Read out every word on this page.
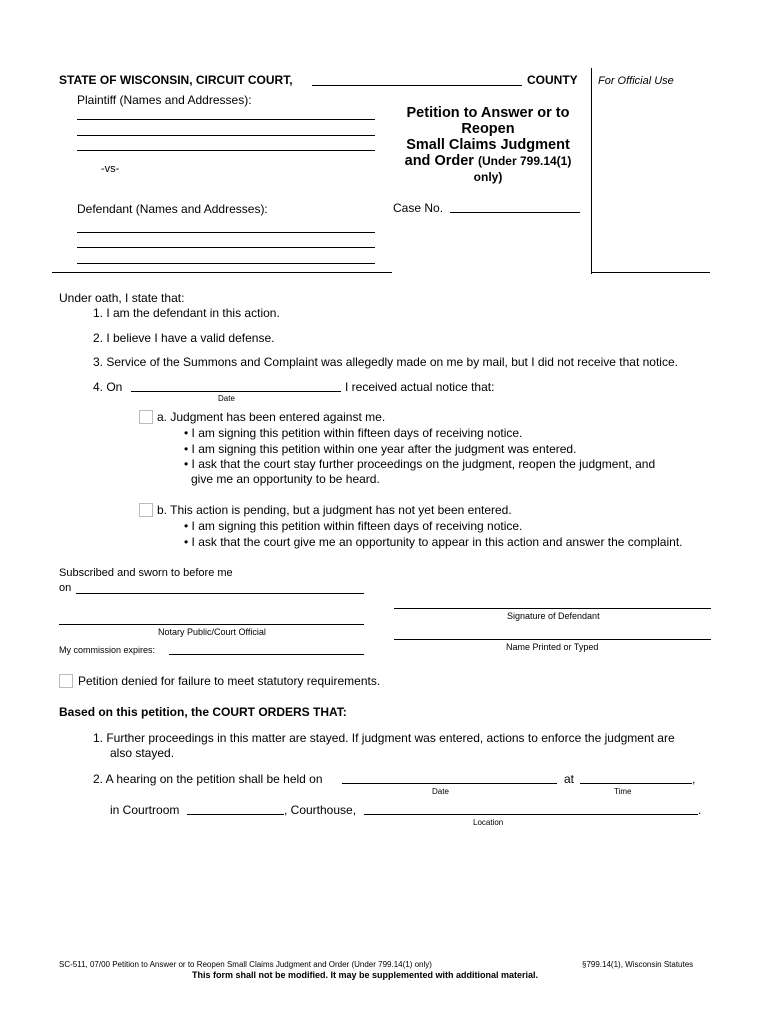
STATE OF WISCONSIN, CIRCUIT COURT,	COUNTY For Official Use
Plaintiff (Names and Addresses):
-vs-
Defendant (Names and Addresses):
Petition to Answer or to
Reopen
Small Claims Judgment
and Order (Under 799.14(1)
only)
Case No.
Under oath, I state that:
1. I am the defendant in this action.
2. I believe I have a valid defense.
3. Service of the Summons and Complaint was allegedly made on me by mail, but I did not receive that notice.
4. On	I received actual notice that:
Date
a. Judgment has been entered against me.
• I am signing this petition within fifteen days of receiving notice.
• I am signing this petition within one year after the judgment was entered.
• I ask that the court stay further proceedings on the judgment, reopen the judgment, and
give me an opportunity to be heard.
b. This action is pending, but a judgment has not yet been entered.
• I am signing this petition within fifteen days of receiving notice.
• I ask that the court give me an opportunity to appear in this action and answer the complaint.
Subscribed and sworn to before me
on
Signature of Defendant
Notary Public/Court Official
Name Printed or Typed
My commission expires:
Petition denied for failure to meet statutory requirements.
Based on this petition, the COURT ORDERS THAT:
1. Further proceedings in this matter are stayed. If judgment was entered, actions to enforce the judgment are
also stayed.
2. A hearing on the petition shall be held on	at	,
Date	Time
in Courtroom	, Courthouse,	.
Location
SC-511, 07/00 Petition to Answer or to Reopen Small Claims Judgment and Order (Under 799.14(1) only)	§799.14(1), Wisconsin Statutes
This form shall not be modified. It may be supplemented with additional material.
